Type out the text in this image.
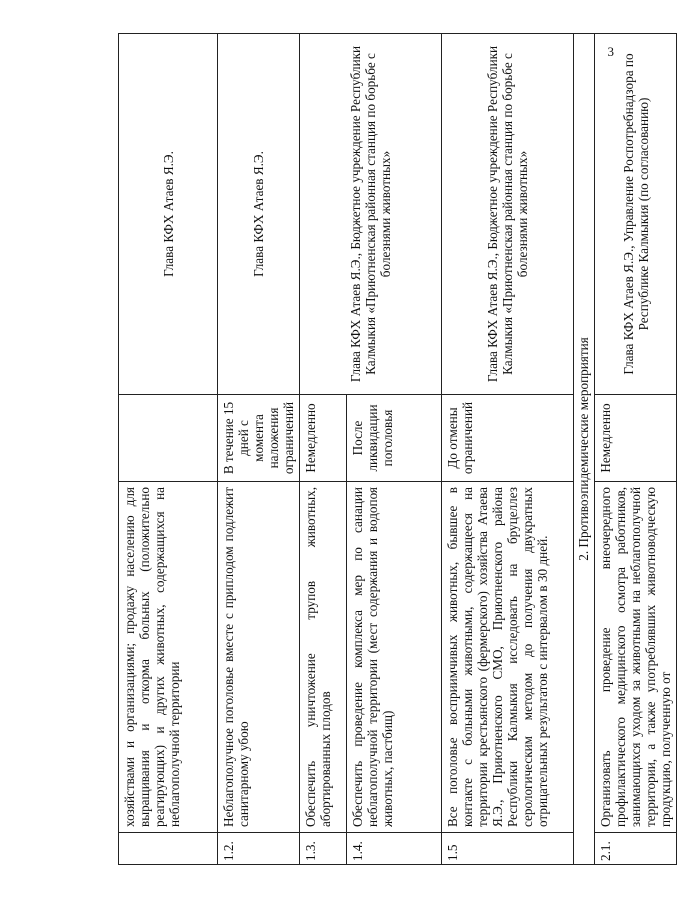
3
	хозяйствами и организациями; продажу населению для выращивания и откорма больных (положительно реагирующих) и других животных, содержащихся на неблагополучной территории		Глава КФХ Атаев Я.Э.
1.2.	Неблагополучное поголовье вместе с приплодом подлежит санитарному убою	В течение 15 дней с момента наложения ограничений	Глава КФХ Атаев Я.Э.
1.3.	Обеспечить уничтожение трупов животных, абортированных плодов	Немедленно	Глава КФХ Атаев Я.Э., Бюджетное учреждение Республики Калмыкия «Приютненская районная станция по борьбе с болезнями животных»
1.4.	Обеспечить проведение комплекса мер по санации неблагополучной территории (мест содержания и водопоя животных, пастбищ)	После ликвидации поголовья	
1.5	Все поголовье восприимчивых животных, бывшее в контакте с больными животными, содержащееся на территории крестьянского (фермерского) хозяйства Атаева Я.Э., Приютненского СМО, Приютненского района Республики Калмыкия исследовать на бруцеллез серологическим методом до получения двукратных отрицательных результатов с интервалом в 30 дней.	До отмены ограничений	Глава КФХ Атаев Я.Э., Бюджетное учреждение Республики Калмыкия «Приютненская районная станция по борьбе с болезнями животных»
2. Противоэпидемические мероприятия			
2.1.	Организовать проведение внеочередного профилактического медицинского осмотра работников, занимающихся уходом за животными на неблагополучной территории, а также употреблявших животноводческую продукцию, полученную от	Немедленно	Глава КФХ Атаев Я.Э., Управление Роспотребнадзора по Республике Калмыкия (по согласованию)
